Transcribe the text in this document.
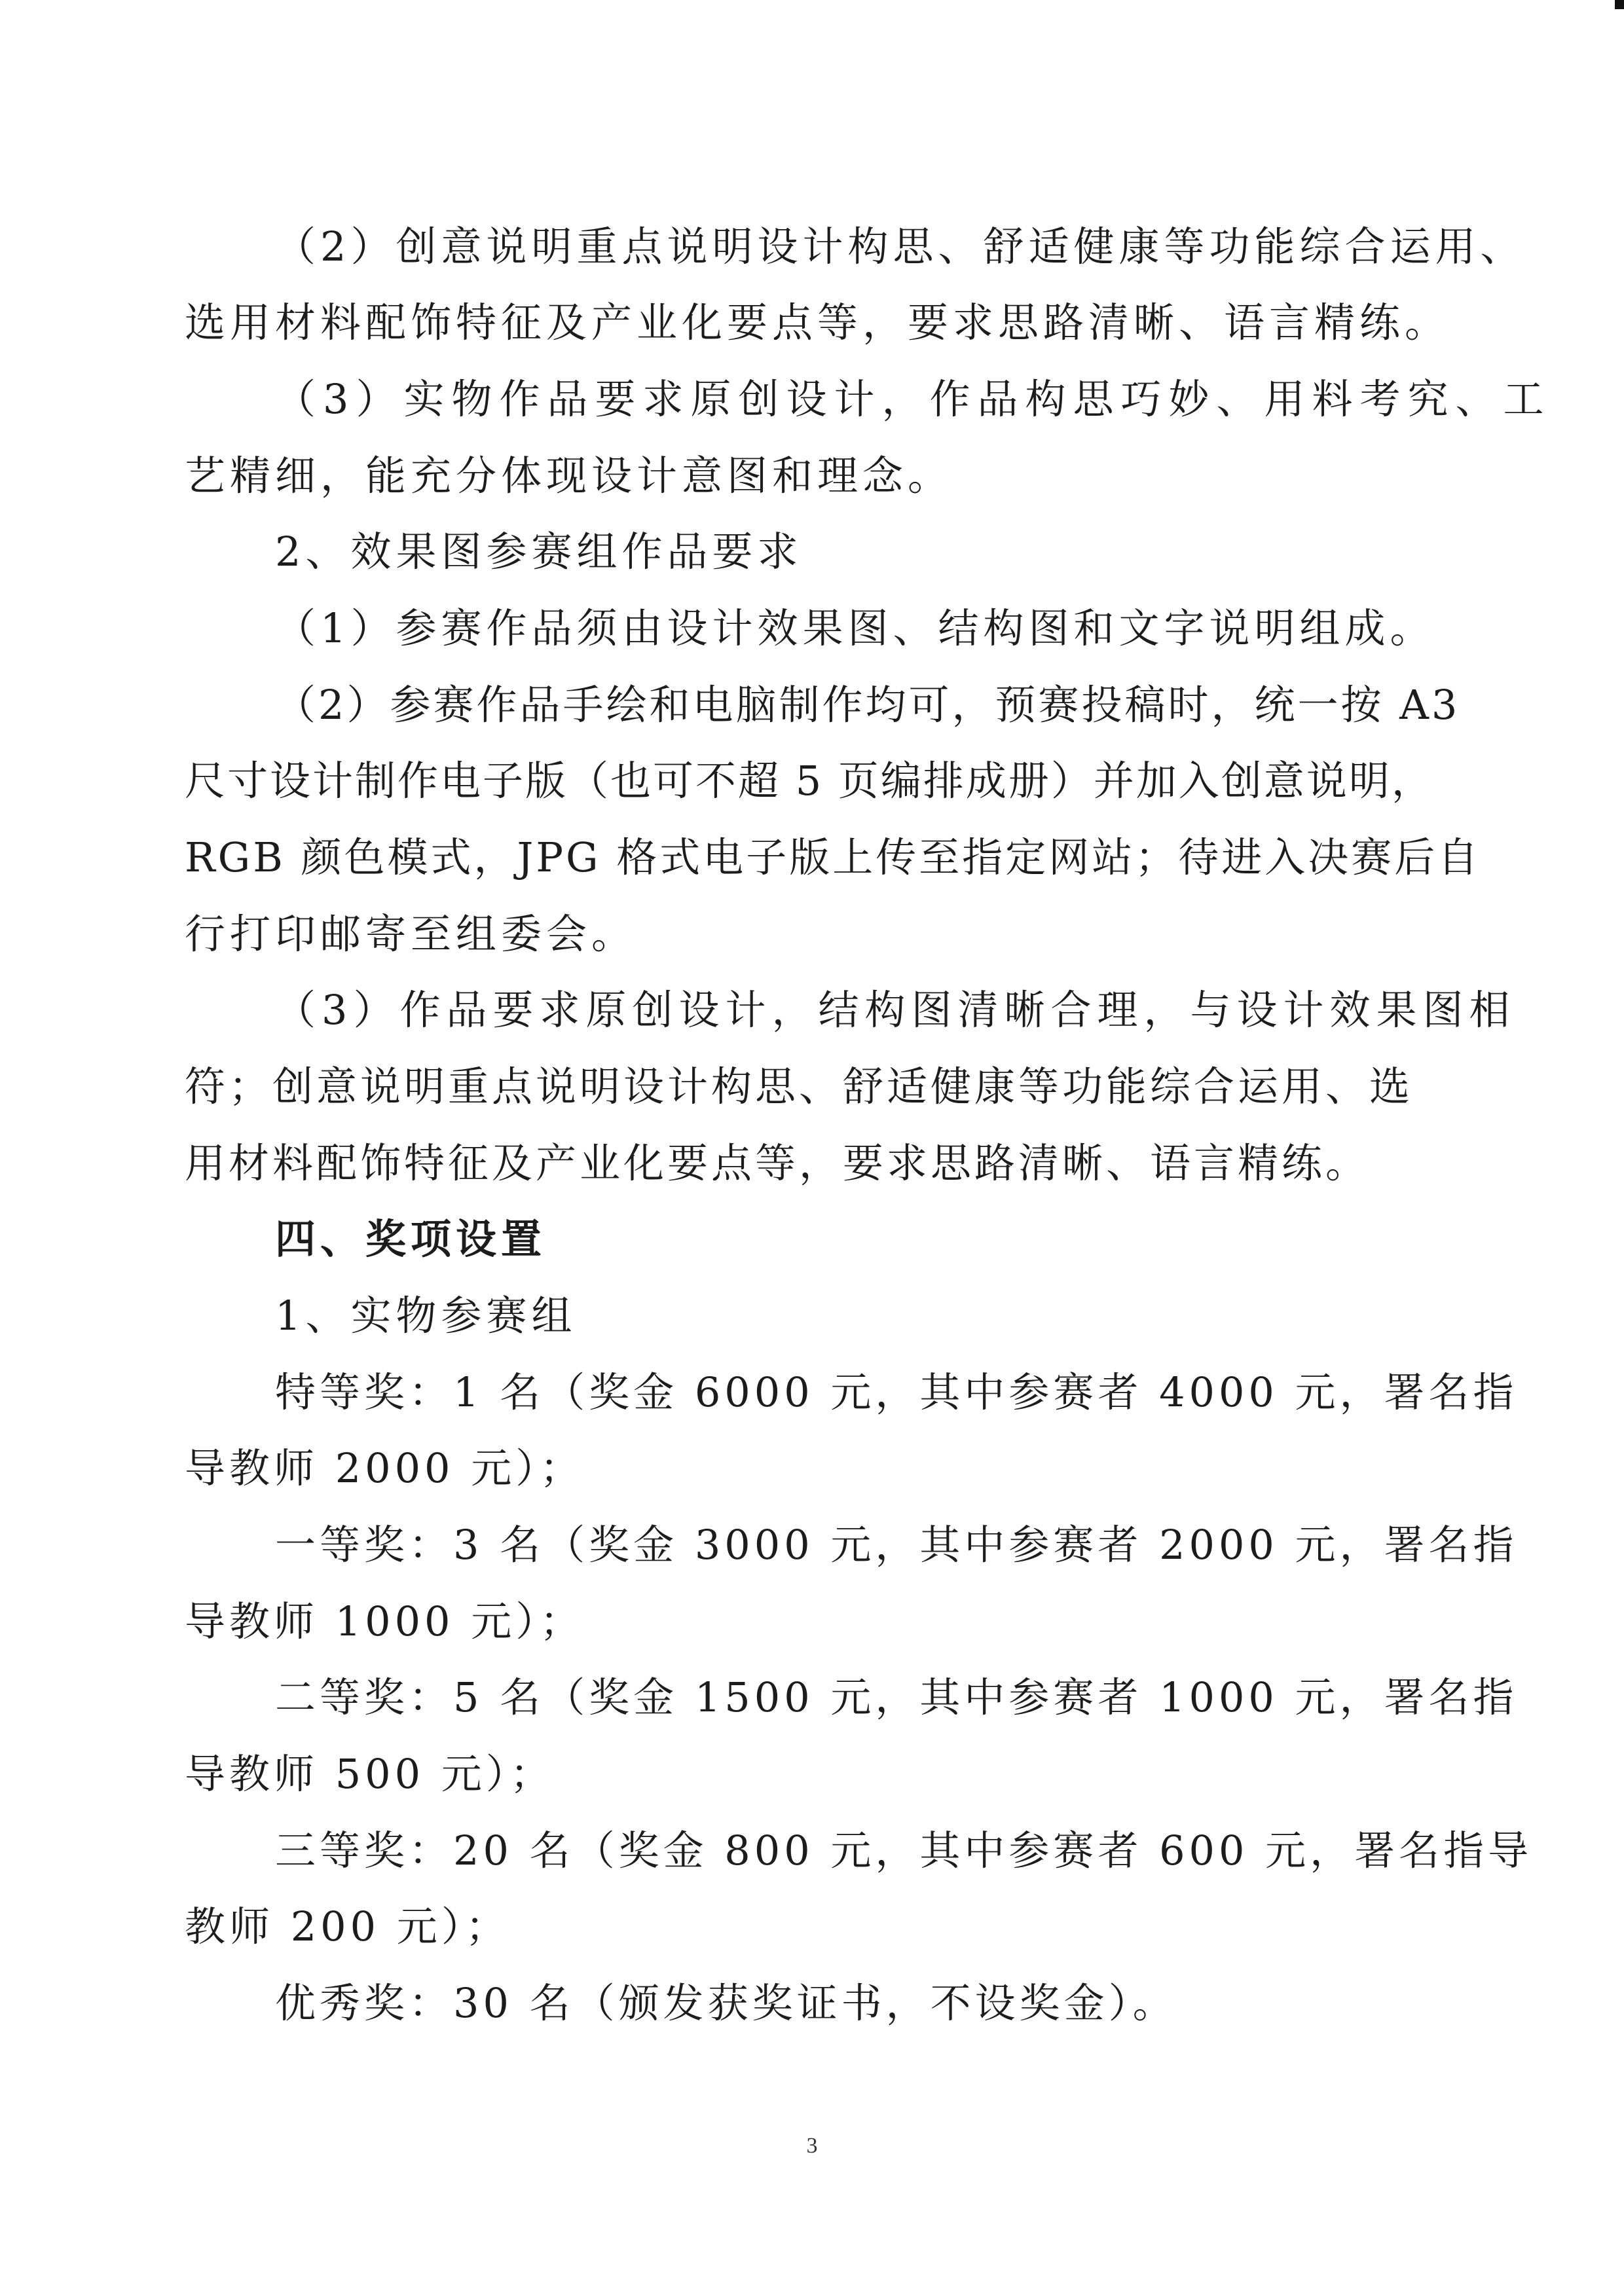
（2）创意说明重点说明设计构思、舒适健康等功能综合运用、
选用材料配饰特征及产业化要点等，要求思路清晰、语言精练。
（3）实物作品要求原创设计，作品构思巧妙、用料考究、工
艺精细，能充分体现设计意图和理念。
2、效果图参赛组作品要求
（1）参赛作品须由设计效果图、结构图和文字说明组成。
（2）参赛作品手绘和电脑制作均可，预赛投稿时，统一按 A3
尺寸设计制作电子版（也可不超 5 页编排成册）并加入创意说明，
RGB 颜色模式，JPG 格式电子版上传至指定网站；待进入决赛后自
行打印邮寄至组委会。
（3）作品要求原创设计，结构图清晰合理，与设计效果图相
符；创意说明重点说明设计构思、舒适健康等功能综合运用、选
用材料配饰特征及产业化要点等，要求思路清晰、语言精练。
四、奖项设置
1、实物参赛组
特等奖：1 名（奖金 6000 元，其中参赛者 4000 元，署名指
导教师 2000 元）；
一等奖：3 名（奖金 3000 元，其中参赛者 2000 元，署名指
导教师 1000 元）；
二等奖：5 名（奖金 1500 元，其中参赛者 1000 元，署名指
导教师 500 元）；
三等奖：20 名（奖金 800 元，其中参赛者 600 元，署名指导
教师 200 元）；
优秀奖：30 名（颁发获奖证书，不设奖金）。
3
